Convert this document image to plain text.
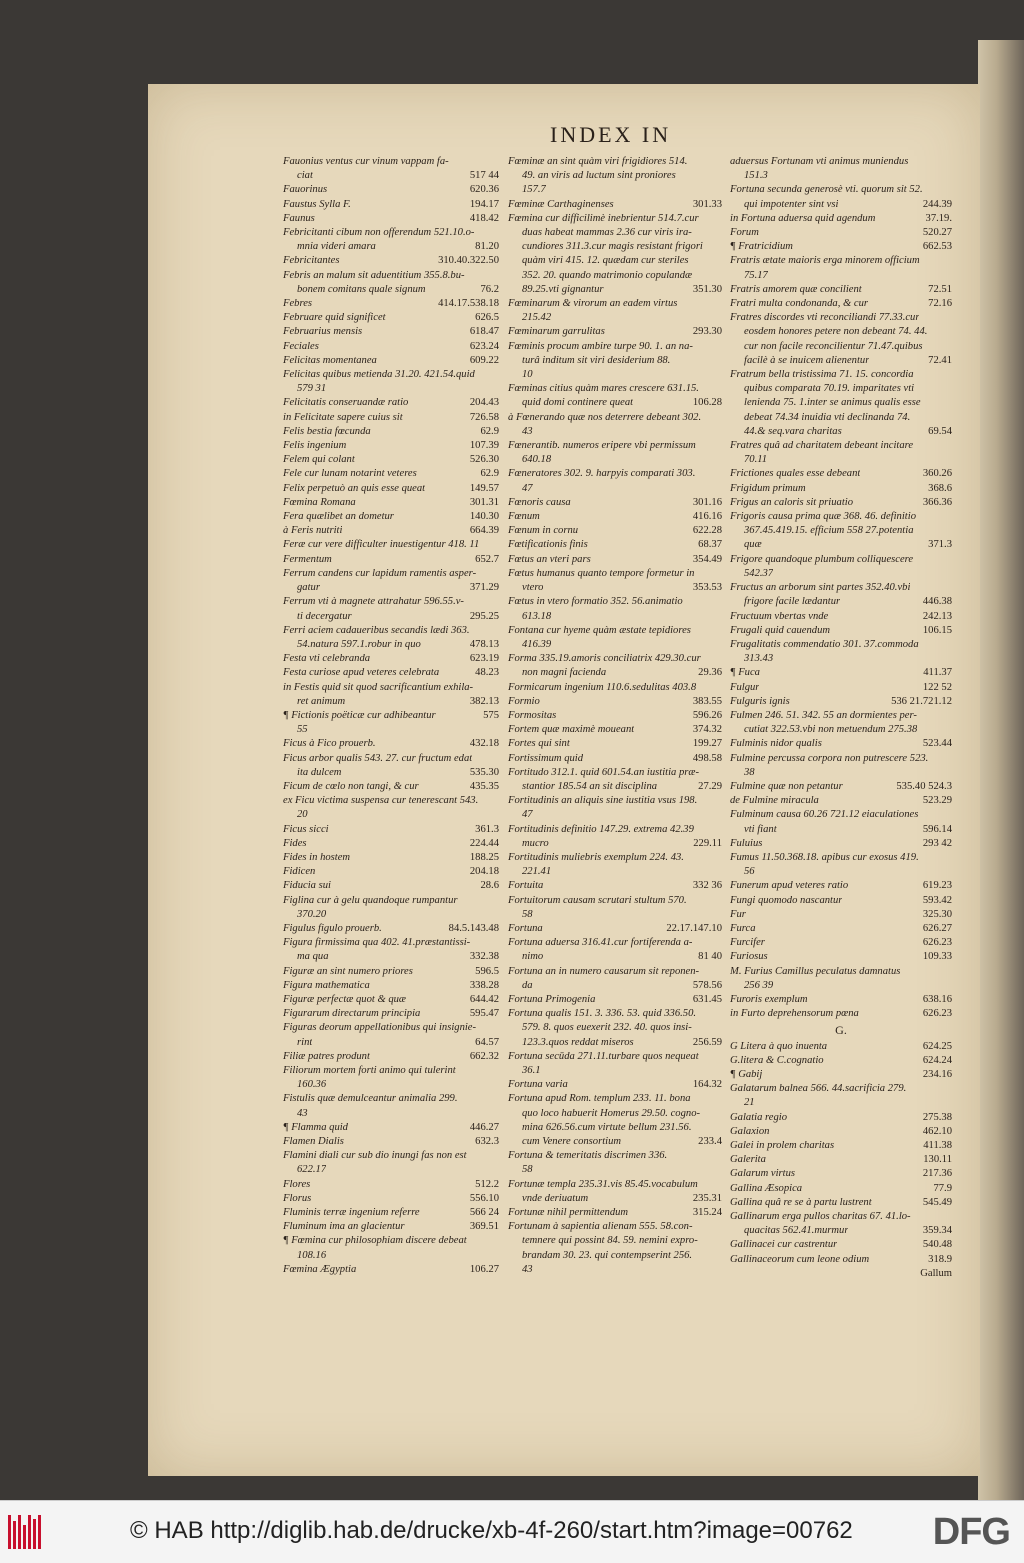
INDEX IN
Fauonius ventus cur vinum vappam fa-
ciat	517 44
Fauorinus	620.36
Faustus Sylla F.	194.17
Faunus	418.42
Febricitanti cibum non offerendum 521.10.o-
mnia videri amara	81.20
Febricitantes	310.40.322.50
Febris an malum sit aduentitium 355.8.bu-
bonem comitans quale signum	76.2
Febres	414.17.538.18
Februare quid significet	626.5
Februarius mensis	618.47
Feciales	623.24
Felicitas momentanea	609.22
Felicitas quibus metienda 31.20. 421.54.quid
579 31
Felicitatis conseruandæ ratio	204.43
in Felicitate sapere cuius sit	726.58
Felis bestia fœcunda	62.9
Felis ingenium	107.39
Felem qui colant	526.30
Fele cur lunam notarint veteres	62.9
Felix perpetuò an quis esse queat	149.57
Fœmina Romana	301.31
Fera quælibet an dometur	140.30
à Feris nutriti	664.39
Feræ cur vere difficulter inuestigentur 418. 11
Fermentum	652.7
Ferrum candens cur lapidum ramentis asper-
gatur	371.29
Ferrum vti à magnete attrahatur 596.55.v-
ti decergatur	295.25
Ferri aciem cadaueribus secandis lædi 363.
54.natura 597.1.robur in quo	478.13
Festa vti celebranda	623.19
Festa curiose apud veteres celebrata	48.23
in Festis quid sit quod sacrificantium exhila-
ret animum	382.13
¶ Fictionis poëticæ cur adhibeantur	575
55
Ficus à Fico prouerb.	432.18
Ficus arbor qualis 543. 27. cur fructum edat
ita dulcem	535.30
Ficum de cœlo non tangi, & cur	435.35
ex Ficu victima suspensa cur tenerescant 543.
20
Ficus sicci	361.3
Fides	224.44
Fides in hostem	188.25
Fidicen	204.18
Fiducia sui	28.6
Figlina cur à gelu quandoque rumpantur
370.20
Figulus figulo prouerb.	84.5.143.48
Figura firmissima qua 402. 41.præstantissi-
ma qua	332.38
Figuræ an sint numero priores	596.5
Figura mathematica	338.28
Figuræ perfectæ quot & quæ	644.42
Figurarum directarum principia	595.47
Figuras deorum appellationibus qui insignie-
rint	64.57
Filiæ patres produnt	662.32
Filiorum mortem forti animo qui tulerint
160.36
Fistulis quæ demulceantur animalia 299.
43
¶ Flamma quid	446.27
Flamen Dialis	632.3
Flamini diali cur sub dio inungi fas non est
622.17
Flores	512.2
Florus	556.10
Fluminis terræ ingenium referre	566 24
Fluminum ima an glacientur	369.51
¶ Fœmina cur philosophiam discere debeat
108.16
Fœmina Ægyptia	106.27
Fœminæ an sint quàm viri frigidiores 514.
49. an viris ad luctum sint proniores
157.7
Fœminæ Carthaginenses	301.33
Fœmina cur difficilimè inebrientur 514.7.cur
duas habeat mammas 2.36 cur viris ira-
cundiores 311.3.cur magis resistant frigori
quàm viri 415. 12. quædam cur steriles
352. 20. quando matrimonio copulandæ
89.25.vti gignantur	351.30
Fœminarum & virorum an eadem virtus
215.42
Fœminarum garrulitas	293.30
Fœminis procum ambire turpe 90. 1. an na-
turâ inditum sit viri desiderium 88.
10
Fœminas citius quàm mares crescere 631.15.
quid domi continere queat	106.28
à Fœnerando quæ nos deterrere debeant 302.
43
Fœnerantib. numeros eripere vbi permissum
640.18
Fœneratores 302. 9. harpyis comparati 303.
47
Fœnoris causa	301.16
Fœnum	416.16
Fœnum in cornu	622.28
Fœtificationis finis	68.37
Fœtus an vteri pars	354.49
Fœtus humanus quanto tempore formetur in
vtero	353.53
Fœtus in vtero formatio 352. 56.animatio
613.18
Fontana cur hyeme quàm æstate tepidiores
416.39
Forma 335.19.amoris conciliatrix 429.30.cur
non magni facienda	29.36
Formicarum ingenium 110.6.sedulitas 403.8
Formio	383.55
Formositas	596.26
Fortem quæ maximè moueant	374.32
Fortes qui sint	199.27
Fortissimum quid	498.58
Fortitudo 312.1. quid 601.54.an iustitia præ-
stantior 185.54 an sit disciplina	27.29
Fortitudinis an aliquis sine iustitia vsus 198.
47
Fortitudinis definitio 147.29. extrema 42.39
mucro	229.11
Fortitudinis muliebris exemplum 224. 43.
221.41
Fortuita	332 36
Fortuitorum causam scrutari stultum 570.
58
Fortuna	22.17.147.10
Fortuna aduersa 316.41.cur fortiferenda a-
nimo	81 40
Fortuna an in numero causarum sit reponen-
da	578.56
Fortuna Primogenia	631.45
Fortuna qualis 151. 3. 336. 53. quid 336.50.
579. 8. quos euexerit 232. 40. quos insi-
123.3.quos reddat miseros	256.59
Fortuna secūda 271.11.turbare quos nequeat
36.1
Fortuna varia	164.32
Fortuna apud Rom. templum 233. 11. bona
quo loco habuerit Homerus 29.50. cogno-
mina 626.56.cum virtute bellum 231.56.
cum Venere consortium	233.4
Fortuna & temeritatis discrimen 336.
58
Fortunæ templa 235.31.vis 85.45.vocabulum
vnde deriuatum	235.31
Fortunæ nihil permittendum	315.24
Fortunam à sapientia alienam 555. 58.con-
temnere qui possint 84. 59. nemini expro-
brandam 30. 23. qui contempserint 256.
43
aduersus Fortunam vti animus muniendus
151.3
Fortuna secunda generosè vti. quorum sit 52.
qui impotenter sint vsi	244.39
in Fortuna aduersa quid agendum	37.19.
Forum	520.27
¶ Fratricidium	662.53
Fratris ætate maioris erga minorem officium
75.17
Fratris amorem quæ concilient	72.51
Fratri multa condonanda, & cur	72.16
Fratres discordes vti reconciliandi 77.33.cur
eosdem honores petere non debeant 74. 44.
cur non facile reconcilientur 71.47.quibus
facilè à se inuicem alienentur	72.41
Fratrum bella tristissima 71. 15. concordia
quibus comparata 70.19. imparitates vti
lenienda 75. 1.inter se animus qualis esse
debeat 74.34 inuidia vti declinanda 74.
44.& seq.vara charitas	69.54
Fratres quâ ad charitatem debeant incitare
70.11
Frictiones quales esse debeant	360.26
Frigidum primum	368.6
Frigus an caloris sit priuatio	366.36
Frigoris causa prima quæ 368. 46. definitio
367.45.419.15. efficium 558 27.potentia
quæ	371.3
Frigore quandoque plumbum colliquescere
542.37
Fructus an arborum sint partes 352.40.vbi
frigore facile lædantur	446.38
Fructuum vbertas vnde	242.13
Frugali quid cauendum	106.15
Frugalitatis commendatio 301. 37.commoda
313.43
¶ Fuca	411.37
Fulgur	122 52
Fulguris ignis	536 21.721.12
Fulmen 246. 51. 342. 55 an dormientes per-
cutiat 322.53.vbi non metuendum 275.38
Fulminis nidor qualis	523.44
Fulmine percussa corpora non putrescere 523.
38
Fulmine quæ non petantur	535.40 524.3
de Fulmine miracula	523.29
Fulminum causa 60.26 721.12 eiaculationes
vti fiant	596.14
Fuluius	293 42
Fumus 11.50.368.18. apibus cur exosus 419.
56
Funerum apud veteres ratio	619.23
Fungi quomodo nascantur	593.42
Fur	325.30
Furca	626.27
Furcifer	626.23
Furiosus	109.33
M. Furius Camillus peculatus damnatus
256 39
Furoris exemplum	638.16
in Furto deprehensorum pœna	626.23
G.
G Litera à quo inuenta	624.25
G.litera & C.cognatio	624.24
¶ Gabij	234.16
Galatarum balnea 566. 44.sacrificia 279.
21
Galatia regio	275.38
Galaxion	462.10
Galei in prolem charitas	411.38
Galerita	130.11
Galarum virtus	217.36
Gallina Æsopica	77.9
Gallina quâ re se à partu lustrent	545.49
Gallinarum erga pullos charitas 67. 41.lo-
quacitas 562.41.murmur	359.34
Gallinacei cur castrentur	540.48
Gallinaceorum cum leone odium	318.9
Gallum
© HAB http://diglib.hab.de/drucke/xb-4f-260/start.htm?image=00762 DFG
